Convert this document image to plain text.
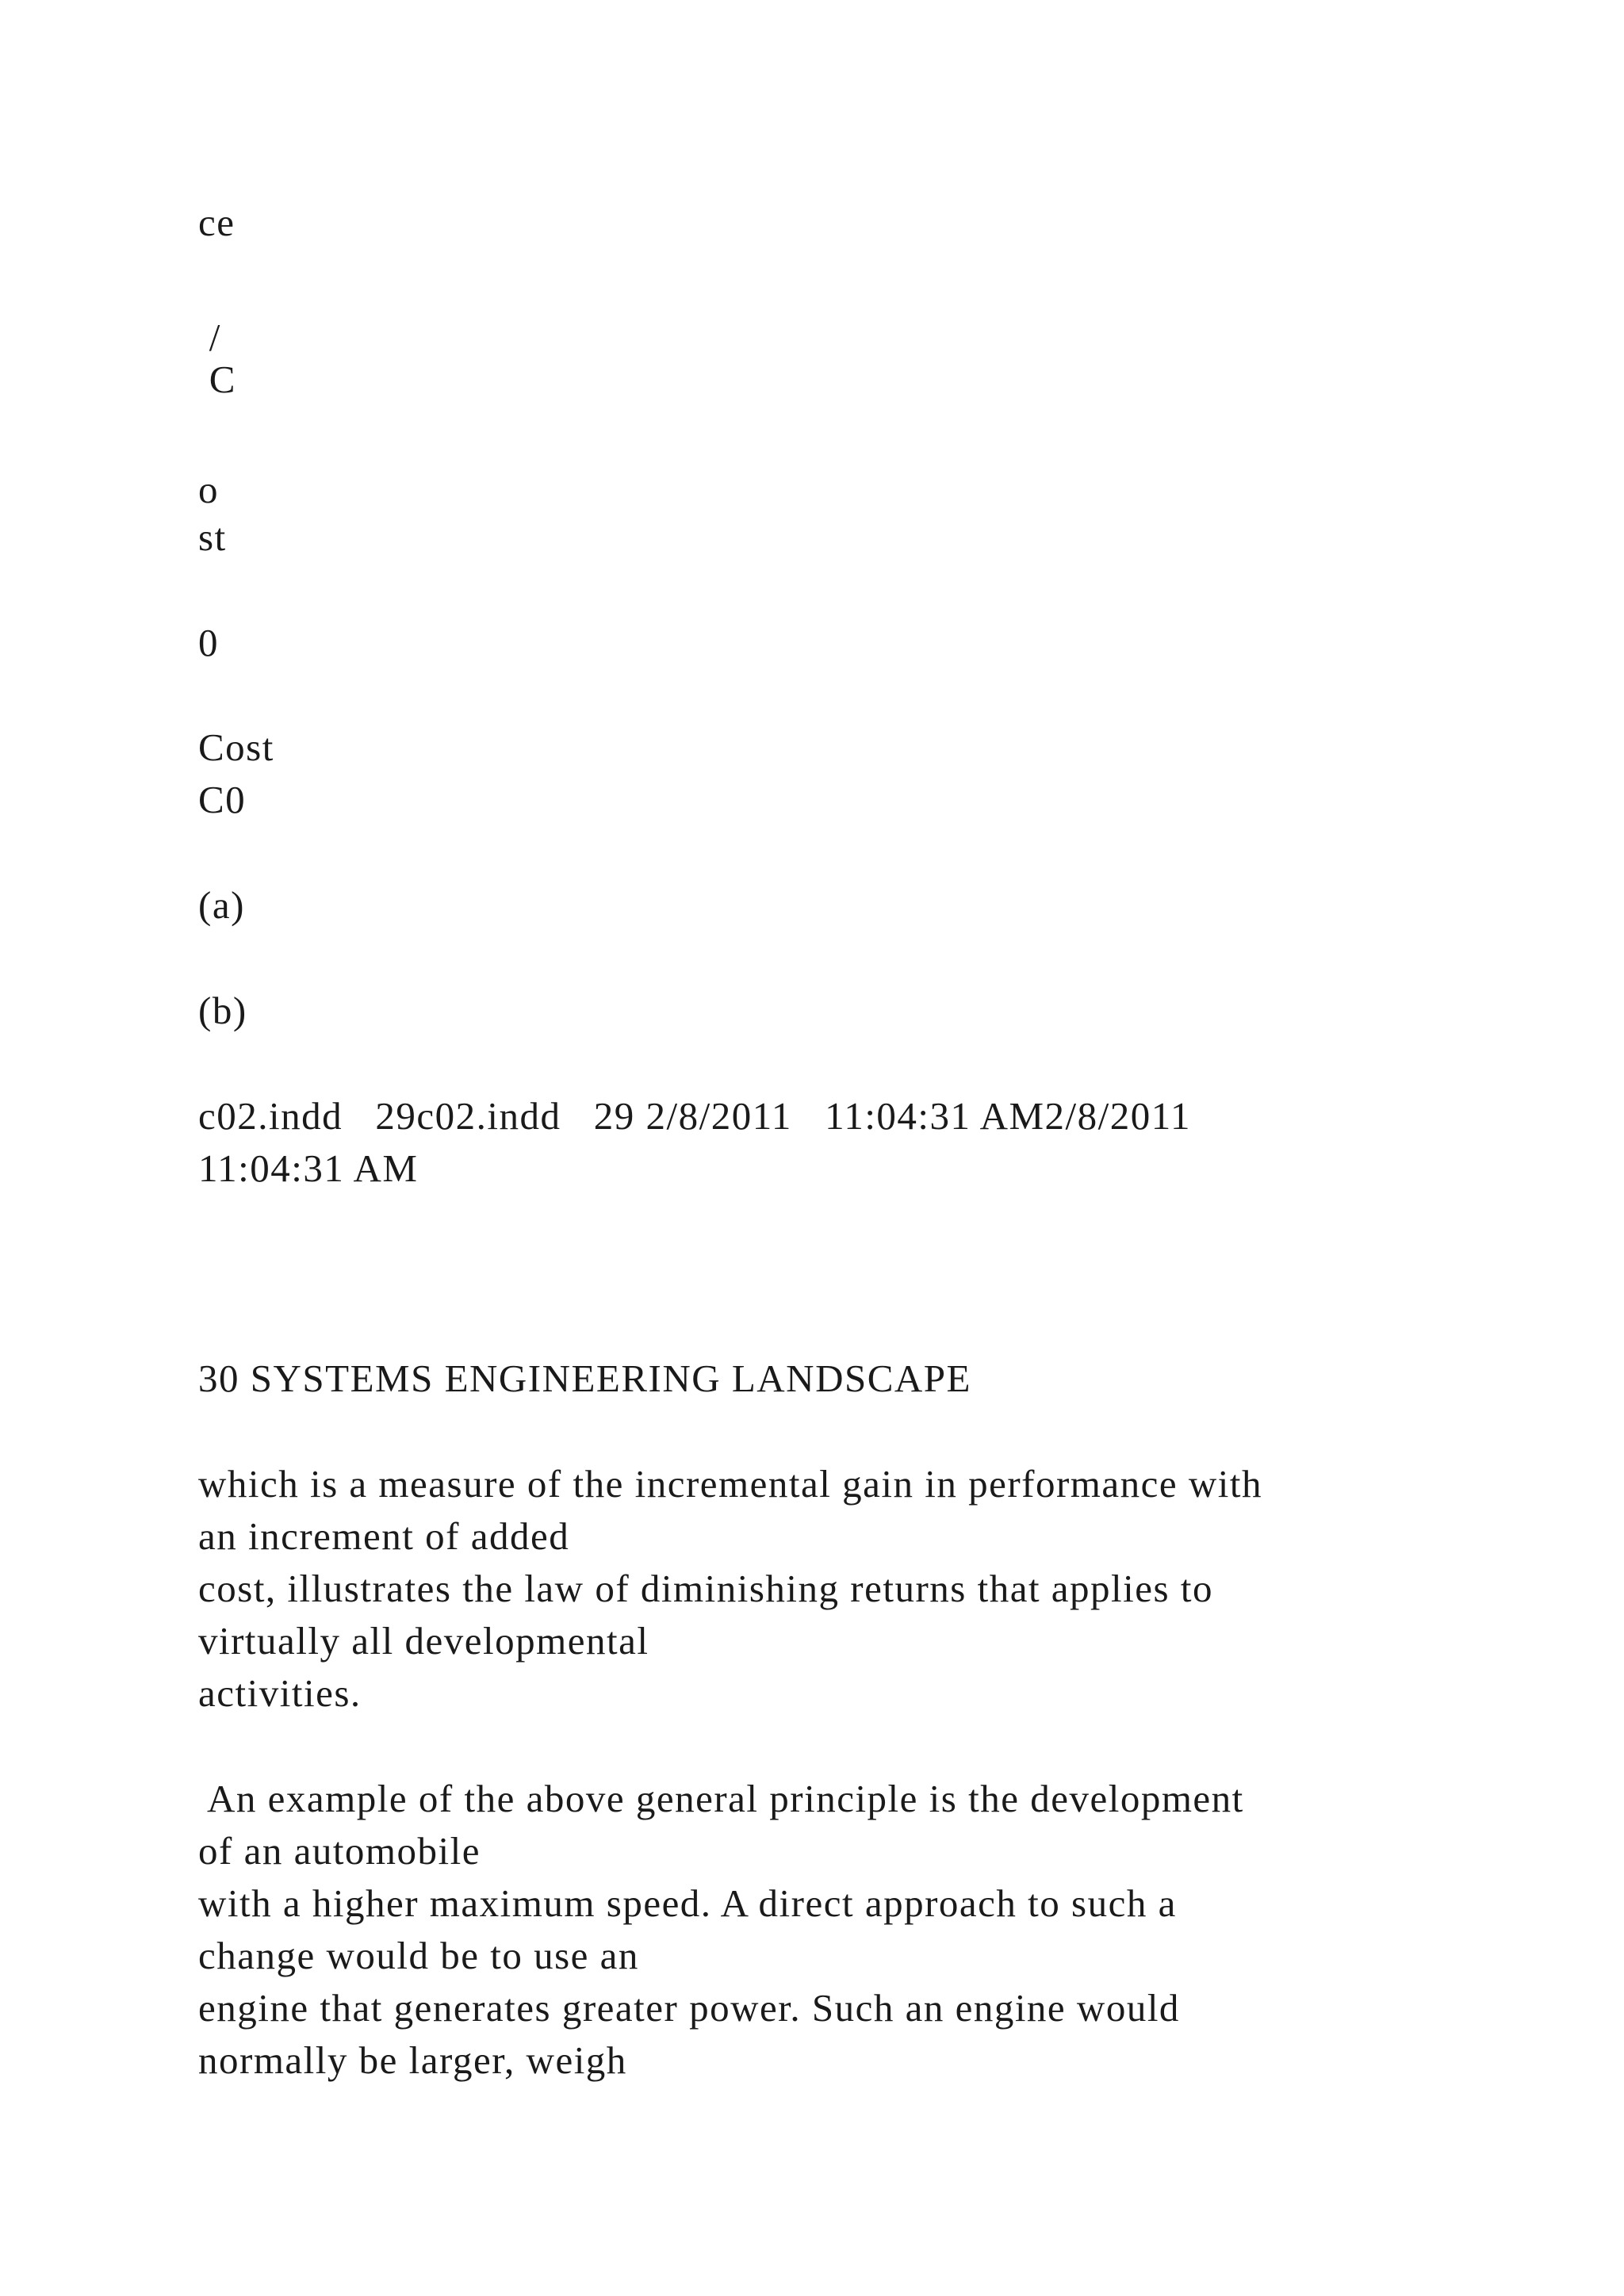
ce
/
C
o
st
0
Cost
C0
(a)
(b)
c02.indd   29c02.indd   29 2/8/2011   11:04:31 AM2/8/2011
11:04:31 AM
30 SYSTEMS ENGINEERING LANDSCAPE
which is a measure of the incremental gain in performance with
an increment of added
cost, illustrates the law of diminishing returns that applies to
virtually all developmental
activities.
An example of the above general principle is the development
of an automobile
with a higher maximum speed. A direct approach to such a
change would be to use an
engine that generates greater power. Such an engine would
normally be larger, weigh
